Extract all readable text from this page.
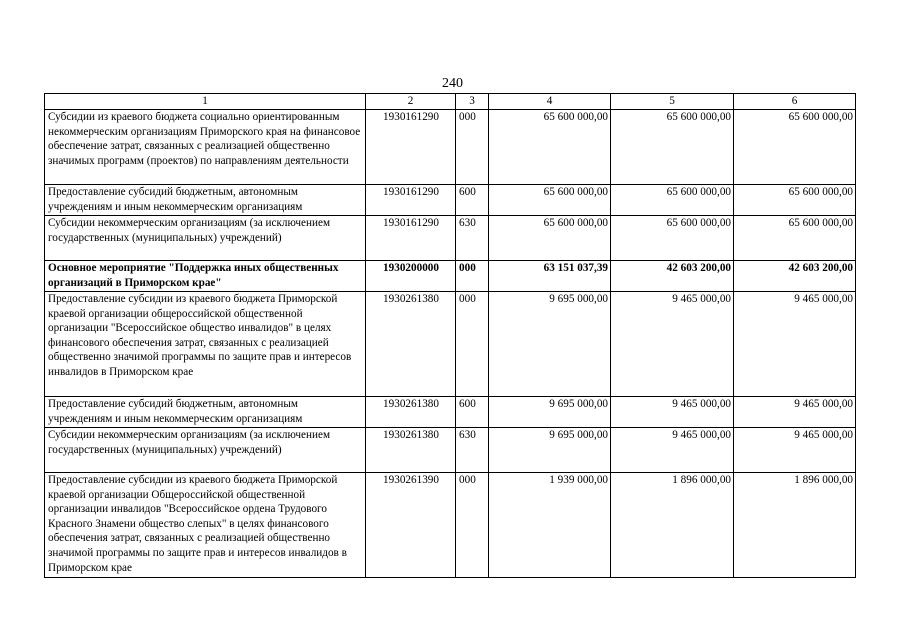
240
1	2	3	4	5	6
Субсидии из краевого бюджета социально ориентированным некоммерческим организациям Приморского края на финансовое обеспечение затрат, связанных с реализацией общественно значимых программ (проектов) по направлениям деятельности	1930161290	000	65 600 000,00	65 600 000,00	65 600 000,00
Предоставление субсидий бюджетным, автономным учреждениям и иным некоммерческим организациям	1930161290	600	65 600 000,00	65 600 000,00	65 600 000,00
Субсидии некоммерческим организациям (за исключением государственных (муниципальных) учреждений)	1930161290	630	65 600 000,00	65 600 000,00	65 600 000,00
Основное мероприятие "Поддержка иных общественных организаций в Приморском крае"	1930200000	000	63 151 037,39	42 603 200,00	42 603 200,00
Предоставление субсидии из краевого бюджета Приморской краевой организации общероссийской общественной организации "Всероссийское общество инвалидов" в целях финансового обеспечения затрат, связанных с реализацией общественно значимой программы по защите прав и интересов инвалидов в Приморском крае	1930261380	000	9 695 000,00	9 465 000,00	9 465 000,00
Предоставление субсидий бюджетным, автономным учреждениям и иным некоммерческим организациям	1930261380	600	9 695 000,00	9 465 000,00	9 465 000,00
Субсидии некоммерческим организациям (за исключением государственных (муниципальных) учреждений)	1930261380	630	9 695 000,00	9 465 000,00	9 465 000,00
Предоставление субсидии из краевого бюджета Приморской краевой организации Общероссийской общественной организации инвалидов "Всероссийское ордена Трудового Красного Знамени общество слепых" в целях финансового обеспечения затрат, связанных с реализацией общественно значимой программы по защите прав и интересов инвалидов в Приморском крае	1930261390	000	1 939 000,00	1 896 000,00	1 896 000,00
